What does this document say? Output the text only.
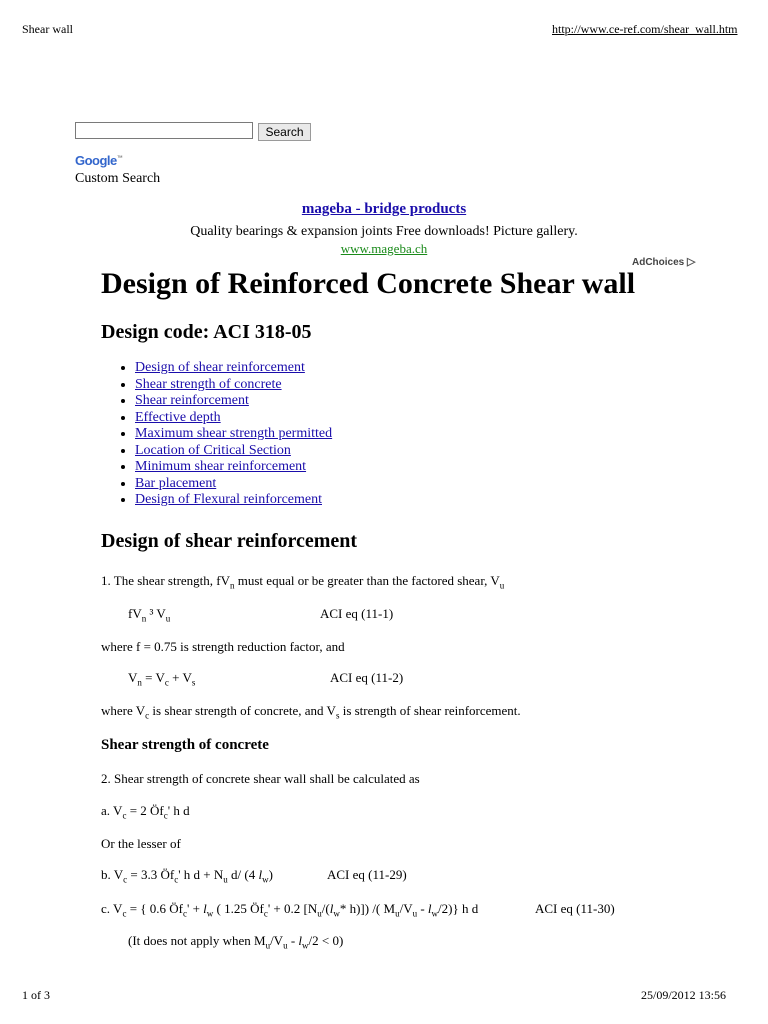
Shear wall	http://www.ce-ref.com/shear_wall.htm
Search
Google™
Custom Search
mageba - bridge products
Quality bearings & expansion joints Free downloads! Picture gallery.
www.mageba.ch
AdChoices ▷
Design of Reinforced Concrete Shear wall
Design code: ACI 318-05
• Design of shear reinforcement
• Shear strength of concrete
• Shear reinforcement
• Effective depth
• Maximum shear strength permitted
• Location of Critical Section
• Minimum shear reinforcement
• Bar placement
• Design of Flexural reinforcement
Design of shear reinforcement
1. The shear strength, $fV_n$ must equal or be greater than the factored shear, $V_u$
$fV_n$ ³ $V_u$	ACI eq (11-1)
where f = 0.75 is strength reduction factor, and
$V_n = V_c + V_s$	ACI eq (11-2)
where $V_c$ is shear strength of concrete, and $V_s$ is strength of shear reinforcement.
Shear strength of concrete
2. Shear strength of concrete shear wall shall be calculated as
a. $V_c = 2$ $Öf_c'$ h d
Or the lesser of
b. $V_c = 3.3$ $Öf_c'$ h $d + N_u$ d/ (4 $l_w$)	ACI eq (11-29)
c. $V_c$ = { 0.6 $Öf_c' + l_w$ ( 1.25 $Öf_c' + 0.2$ [$N_u/(l_w*$ h)]) /( $M_u/V_u - l_w/2$)} h d	ACI eq (11-30)
(It does not apply when $M_u/V_u - l_w/2 < 0$)
1 of 3	25/09/2012 13:56
